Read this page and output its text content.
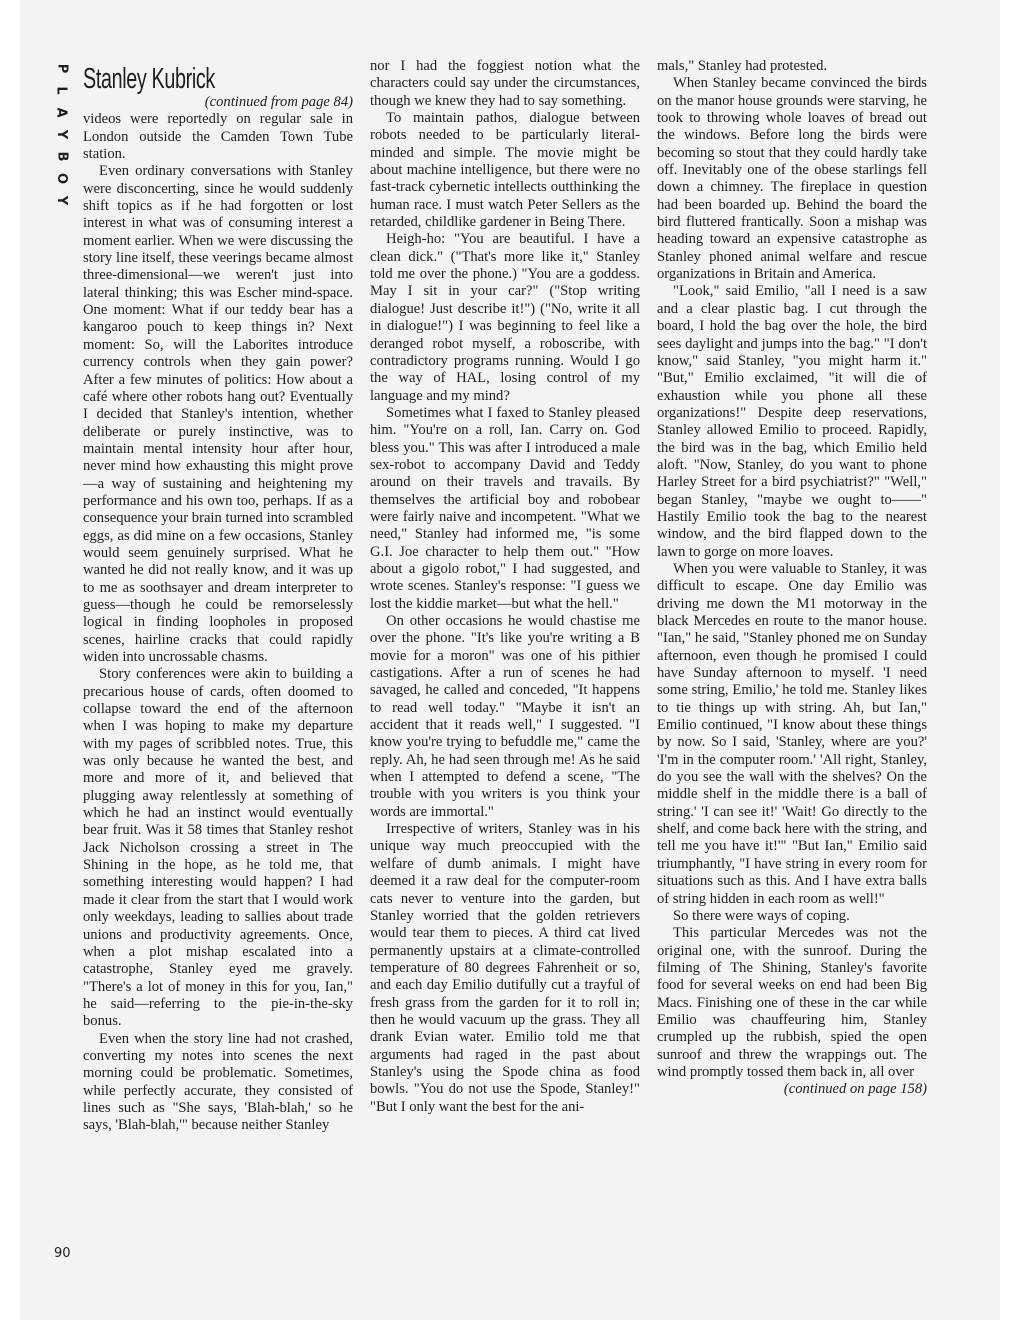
P
L
A
Y
B
O
Y
90
Stanley Kubrick

(continued from page 84)

videos were reportedly on regular sale in London outside the Camden Town Tube station.

Even ordinary conversations with Stanley were disconcerting, since he would suddenly shift topics as if he had forgotten or lost interest in what was of consuming interest a moment earlier. When we were discussing the story line itself, these veerings became almost three-dimensional—we weren't just into lateral thinking; this was Escher mind-space. One moment: What if our teddy bear has a kangaroo pouch to keep things in? Next moment: So, will the Laborites introduce currency controls when they gain power? After a few minutes of politics: How about a café where other robots hang out? Eventually I decided that Stanley's intention, whether deliberate or purely instinctive, was to maintain mental intensity hour after hour, never mind how exhausting this might prove—a way of sustaining and heightening my performance and his own too, perhaps. If as a consequence your brain turned into scrambled eggs, as did mine on a few occasions, Stanley would seem genuinely surprised. What he wanted he did not really know, and it was up to me as soothsayer and dream interpreter to guess—though he could be remorselessly logical in finding loopholes in proposed scenes, hairline cracks that could rapidly widen into uncrossable chasms.

Story conferences were akin to building a precarious house of cards, often doomed to collapse toward the end of the afternoon when I was hoping to make my departure with my pages of scribbled notes. True, this was only because he wanted the best, and more and more of it, and believed that plugging away relentlessly at something of which he had an instinct would eventually bear fruit. Was it 58 times that Stanley reshot Jack Nicholson crossing a street in The Shining in the hope, as he told me, that something interesting would happen? I had made it clear from the start that I would work only weekdays, leading to sallies about trade unions and productivity agreements. Once, when a plot mishap escalated into a catastrophe, Stanley eyed me gravely. "There's a lot of money in this for you, Ian," he said—referring to the pie-in-the-sky bonus.

Even when the story line had not crashed, converting my notes into scenes the next morning could be problematic. Sometimes, while perfectly accurate, they consisted of lines such as "She says, 'Blah-blah,' so he says, 'Blah-blah,'" because neither Stanley

nor I had the foggiest notion what the characters could say under the circumstances, though we knew they had to say something.

To maintain pathos, dialogue between robots needed to be particularly literal-minded and simple. The movie might be about machine intelligence, but there were no fast-track cybernetic intellects outthinking the human race. I must watch Peter Sellers as the retarded, childlike gardener in Being There.

Heigh-ho: "You are beautiful. I have a clean dick." ("That's more like it," Stanley told me over the phone.) "You are a goddess. May I sit in your car?" ("Stop writing dialogue! Just describe it!") ("No, write it all in dialogue!") I was beginning to feel like a deranged robot myself, a roboscribe, with contradictory programs running. Would I go the way of HAL, losing control of my language and my mind?

Sometimes what I faxed to Stanley pleased him. "You're on a roll, Ian. Carry on. God bless you." This was after I introduced a male sex-robot to accompany David and Teddy around on their travels and travails. By themselves the artificial boy and robobear were fairly naive and incompetent. "What we need," Stanley had informed me, "is some G.I. Joe character to help them out." "How about a gigolo robot," I had suggested, and wrote scenes. Stanley's response: "I guess we lost the kiddie market—but what the hell."

On other occasions he would chastise me over the phone. "It's like you're writing a B movie for a moron" was one of his pithier castigations. After a run of scenes he had savaged, he called and conceded, "It happens to read well today." "Maybe it isn't an accident that it reads well," I suggested. "I know you're trying to befuddle me," came the reply. Ah, he had seen through me! As he said when I attempted to defend a scene, "The trouble with you writers is you think your words are immortal."

Irrespective of writers, Stanley was in his unique way much preoccupied with the welfare of dumb animals. I might have deemed it a raw deal for the computer-room cats never to venture into the garden, but Stanley worried that the golden retrievers would tear them to pieces. A third cat lived permanently upstairs at a climate-controlled temperature of 80 degrees Fahrenheit or so, and each day Emilio dutifully cut a trayful of fresh grass from the garden for it to roll in; then he would vacuum up the grass. They all drank Evian water. Emilio told me that arguments had raged in the past about Stanley's using the Spode china as food bowls. "You do not use the Spode, Stanley!" "But I only want the best for the ani-

mals," Stanley had protested.

When Stanley became convinced the birds on the manor house grounds were starving, he took to throwing whole loaves of bread out the windows. Before long the birds were becoming so stout that they could hardly take off. Inevitably one of the obese starlings fell down a chimney. The fireplace in question had been boarded up. Behind the board the bird fluttered frantically. Soon a mishap was heading toward an expensive catastrophe as Stanley phoned animal welfare and rescue organizations in Britain and America.

"Look," said Emilio, "all I need is a saw and a clear plastic bag. I cut through the board, I hold the bag over the hole, the bird sees daylight and jumps into the bag." "I don't know," said Stanley, "you might harm it." "But," Emilio exclaimed, "it will die of exhaustion while you phone all these organizations!" Despite deep reservations, Stanley allowed Emilio to proceed. Rapidly, the bird was in the bag, which Emilio held aloft. "Now, Stanley, do you want to phone Harley Street for a bird psychiatrist?" "Well," began Stanley, "maybe we ought to——" Hastily Emilio took the bag to the nearest window, and the bird flapped down to the lawn to gorge on more loaves.

When you were valuable to Stanley, it was difficult to escape. One day Emilio was driving me down the M1 motorway in the black Mercedes en route to the manor house. "Ian," he said, "Stanley phoned me on Sunday afternoon, even though he promised I could have Sunday afternoon to myself. 'I need some string, Emilio,' he told me. Stanley likes to tie things up with string. Ah, but Ian," Emilio continued, "I know about these things by now. So I said, 'Stanley, where are you?' 'I'm in the computer room.' 'All right, Stanley, do you see the wall with the shelves? On the middle shelf in the middle there is a ball of string.' 'I can see it!' 'Wait! Go directly to the shelf, and come back here with the string, and tell me you have it!'" "But Ian," Emilio said triumphantly, "I have string in every room for situations such as this. And I have extra balls of string hidden in each room as well!"

So there were ways of coping.

This particular Mercedes was not the original one, with the sunroof. During the filming of The Shining, Stanley's favorite food for several weeks on end had been Big Macs. Finishing one of these in the car while Emilio was chauffeuring him, Stanley crumpled up the rubbish, spied the open sunroof and threw the wrappings out. The wind promptly tossed them back in, all over

(continued on page 158)
